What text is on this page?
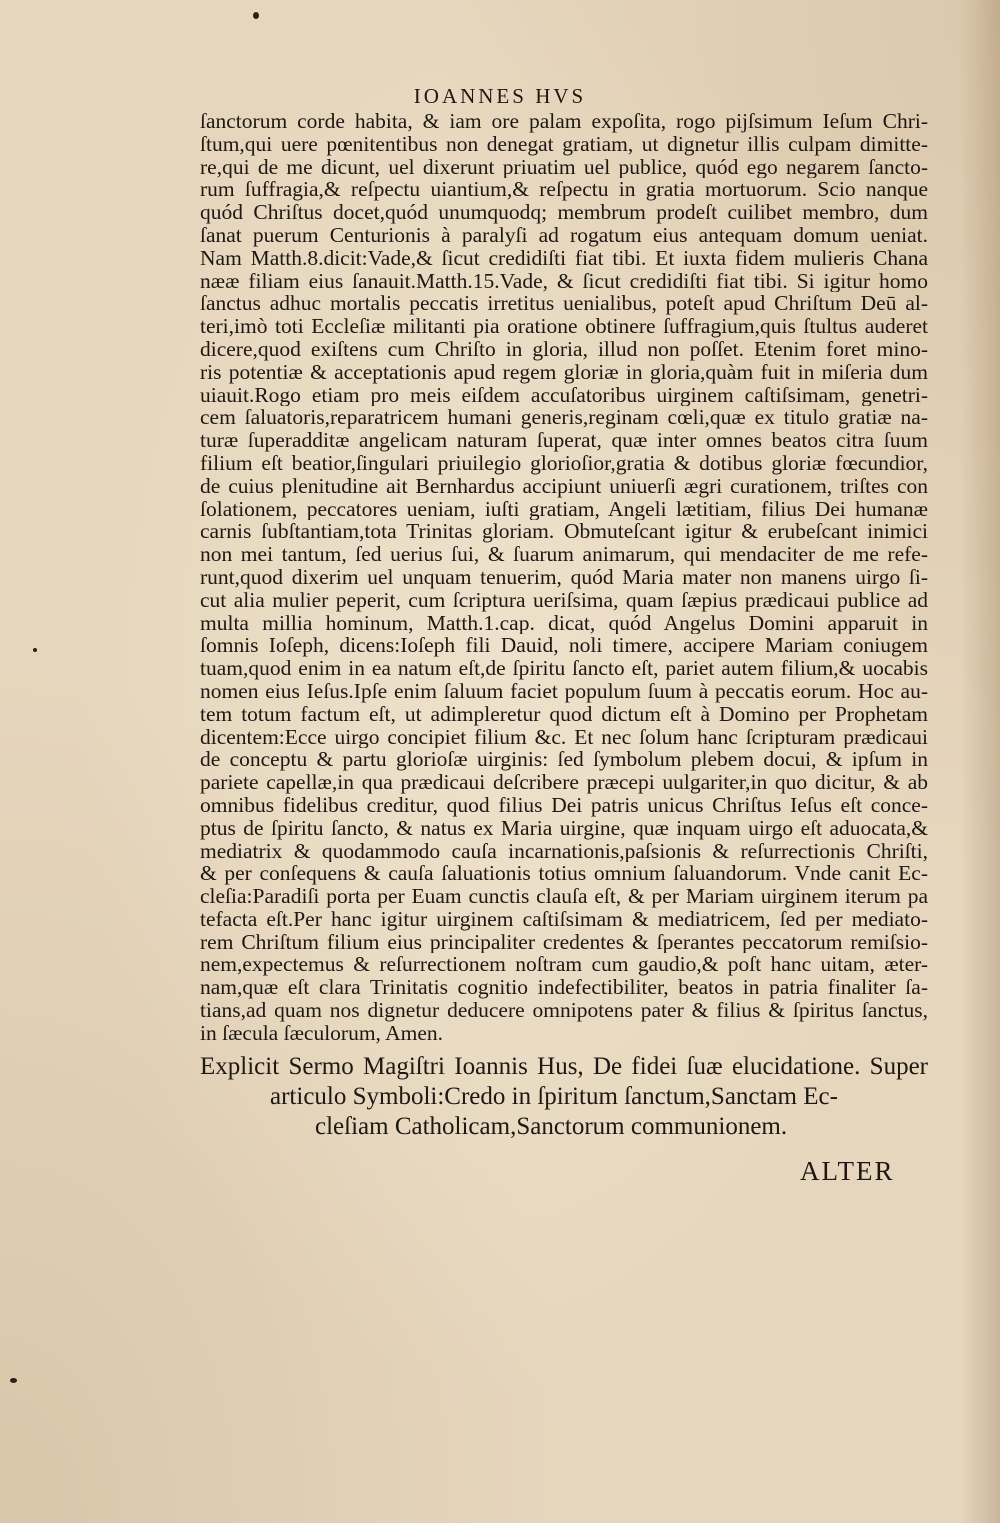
IOANNES HVS
ſanctorum corde habita, & iam ore palam expoſita, rogo pĳſsimum Ieſum Chri-
ſtum,qui uere pœnitentibus non denegat gratiam, ut dignetur illis culpam dimitte-
re,qui de me dicunt, uel dixerunt priuatim uel publice, quód ego negarem ſancto-
rum ſuffragia,& reſpectu uiantium,& reſpectu in gratia mortuorum. Scio nanque
quód Chriſtus docet,quód unumquodq; membrum prodeſt cuilibet membro, dum
ſanat puerum Centurionis à paralyſi ad rogatum eius antequam domum ueniat.
Nam Matth.8.dicit:Vade,& ſicut credidiſti fiat tibi. Et iuxta fidem mulieris Chana
nææ filiam eius ſanauit.Matth.15.Vade, & ſicut credidiſti fiat tibi. Si igitur homo
ſanctus adhuc mortalis peccatis irretitus uenialibus, poteſt apud Chriſtum Deū al-
teri,imò toti Eccleſiæ militanti pia oratione obtinere ſuffragium,quis ſtultus auderet
dicere,quod exiſtens cum Chriſto in gloria, illud non poſſet. Etenim foret mino-
ris potentiæ & acceptationis apud regem gloriæ in gloria,quàm fuit in miſeria dum
uiauit.Rogo etiam pro meis eiſdem accuſatoribus uirginem caſtiſsimam, genetri-
cem ſaluatoris,reparatricem humani generis,reginam cœli,quæ ex titulo gratiæ na-
turæ ſuperadditæ angelicam naturam ſuperat, quæ inter omnes beatos citra ſuum
filium eſt beatior,ſingulari priuilegio glorioſior,gratia & dotibus gloriæ fœcundior,
de cuius plenitudine ait Bernhardus accipiunt uniuerſi ægri curationem, triſtes con
ſolationem, peccatores ueniam, iuſti gratiam, Angeli lætitiam, filius Dei humanæ
carnis ſubſtantiam,tota Trinitas gloriam. Obmuteſcant igitur & erubeſcant inimici
non mei tantum, ſed uerius ſui, & ſuarum animarum, qui mendaciter de me refe-
runt,quod dixerim uel unquam tenuerim, quód Maria mater non manens uirgo ſi-
cut alia mulier peperit, cum ſcriptura ueriſsima, quam ſæpius prædicaui publice ad
multa millia hominum, Matth.1.cap. dicat, quód Angelus Domini apparuit in
ſomnis Ioſeph, dicens:Ioſeph fili Dauid, noli timere, accipere Mariam coniugem
tuam,quod enim in ea natum eſt,de ſpiritu ſancto eſt, pariet autem filium,& uocabis
nomen eius Ieſus.Ipſe enim ſaluum faciet populum ſuum à peccatis eorum. Hoc au-
tem totum factum eſt, ut adimpleretur quod dictum eſt à Domino per Prophetam
dicentem:Ecce uirgo concipiet filium &c. Et nec ſolum hanc ſcripturam prædicaui
de conceptu & partu glorioſæ uirginis: ſed ſymbolum plebem docui, & ipſum in
pariete capellæ,in qua prædicaui deſcribere præcepi uulgariter,in quo dicitur, & ab
omnibus fidelibus creditur, quod filius Dei patris unicus Chriſtus Ieſus eſt conce-
ptus de ſpiritu ſancto, & natus ex Maria uirgine, quæ inquam uirgo eſt aduocata,&
mediatrix & quodammodo cauſa incarnationis,paſsionis & reſurrectionis Chriſti,
& per conſequens & cauſa ſaluationis totius omnium ſaluandorum. Vnde canit Ec-
cleſia:Paradiſi porta per Euam cunctis clauſa eſt, & per Mariam uirginem iterum pa
tefacta eſt.Per hanc igitur uirginem caſtiſsimam & mediatricem, ſed per mediato-
rem Chriſtum filium eius principaliter credentes & ſperantes peccatorum remiſsio-
nem,expectemus & reſurrectionem noſtram cum gaudio,& poſt hanc uitam, æter-
nam,quæ eſt clara Trinitatis cognitio indefectibiliter, beatos in patria finaliter ſa-
tians,ad quam nos dignetur deducere omnipotens pater & filius & ſpiritus ſanctus,
in ſæcula ſæculorum, Amen.
Explicit Sermo Magiſtri Ioannis Hus, De fidei ſuæ elucidatione. Super
articulo Symboli:Credo in ſpiritum ſanctum,Sanctam Ec-
cleſiam Catholicam,Sanctorum communionem.
ALTER
